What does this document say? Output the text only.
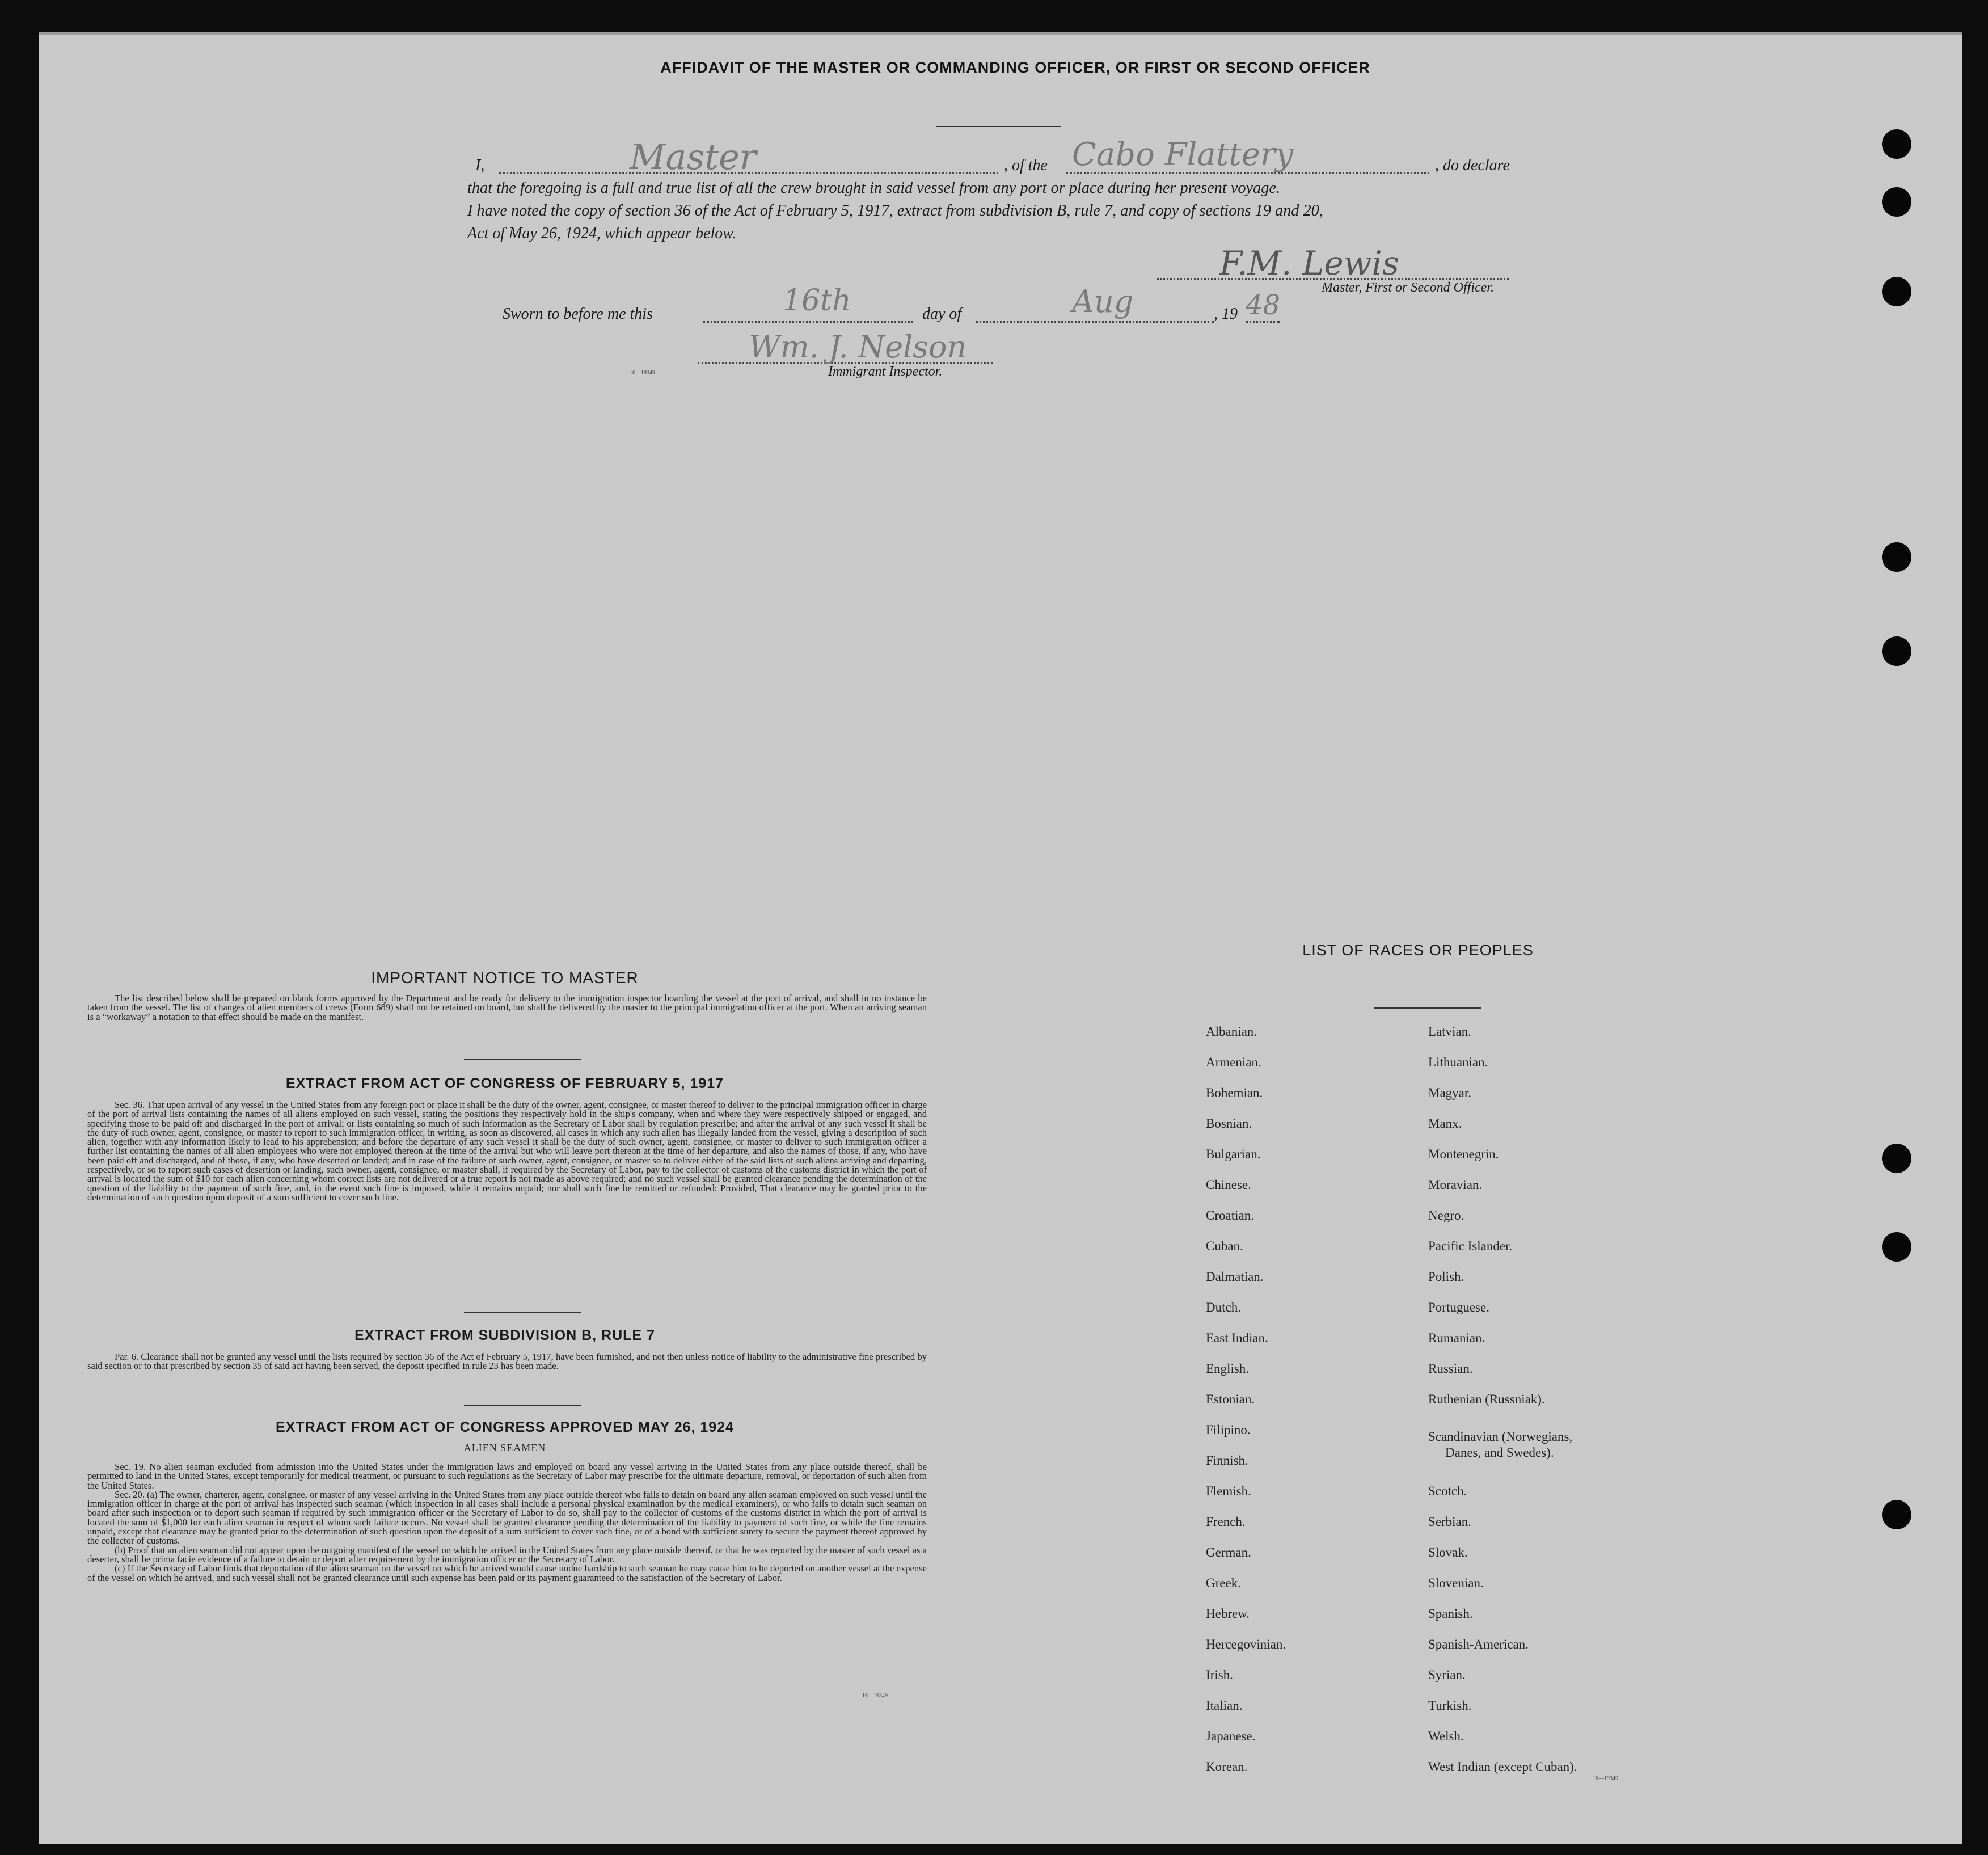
AFFIDAVIT OF THE MASTER OR COMMANDING OFFICER, OR FIRST OR SECOND OFFICER
I,	Master	, of the Cabo Flattery	, do declare
that the foregoing is a full and true list of all the crew brought in said vessel from any port or place during her present voyage.
I have noted the copy of section 36 of the Act of February 5, 1917, extract from subdivision B, rule 7, and copy of sections 19 and 20,
Act of May 26, 1924, which appear below.
F.M. Lewis
Master, First or Second Officer.
Sworn to before me this	16th	day of	Aug	, 19 48
Wm. J. Nelson
Immigrant Inspector.
16—19349
IMPORTANT NOTICE TO MASTER
The list described below shall be prepared on blank forms approved by the Department and be ready for delivery to the immigration inspector boarding the vessel at the port of arrival, and shall in no instance be taken from the vessel. The list of changes of alien members of crews (Form 689) shall not be retained on board, but shall be delivered by the master to the principal immigration officer at the port. When an arriving seaman is a “workaway” a notation to that effect should be made on the manifest.
EXTRACT FROM ACT OF CONGRESS OF FEBRUARY 5, 1917
Sec. 36. That upon arrival of any vessel in the United States from any foreign port or place it shall be the duty of the owner, agent, consignee, or master thereof to deliver to the principal immigration officer in charge of the port of arrival lists containing the names of all aliens employed on such vessel, stating the positions they respectively hold in the ship's company, when and where they were respectively shipped or engaged, and specifying those to be paid off and discharged in the port of arrival; or lists containing so much of such information as the Secretary of Labor shall by regulation prescribe; and after the arrival of any such vessel it shall be the duty of such owner, agent, consignee, or master to report to such immigration officer, in writing, as soon as discovered, all cases in which any such alien has illegally landed from the vessel, giving a description of such alien, together with any information likely to lead to his apprehension; and before the departure of any such vessel it shall be the duty of such owner, agent, consignee, or master to deliver to such immigration officer a further list containing the names of all alien employees who were not employed thereon at the time of the arrival but who will leave port thereon at the time of her departure, and also the names of those, if any, who have been paid off and discharged, and of those, if any, who have deserted or landed; and in case of the failure of such owner, agent, consignee, or master so to deliver either of the said lists of such aliens arriving and departing, respectively, or so to report such cases of desertion or landing, such owner, agent, consignee, or master shall, if required by the Secretary of Labor, pay to the collector of customs of the customs district in which the port of arrival is located the sum of $10 for each alien concerning whom correct lists are not delivered or a true report is not made as above required; and no such vessel shall be granted clearance pending the determination of the question of the liability to the payment of such fine, and, in the event such fine is imposed, while it remains unpaid; nor shall such fine be remitted or refunded: Provided, That clearance may be granted prior to the determination of such question upon deposit of a sum sufficient to cover such fine.
EXTRACT FROM SUBDIVISION B, RULE 7
Par. 6. Clearance shall not be granted any vessel until the lists required by section 36 of the Act of February 5, 1917, have been furnished, and not then unless notice of liability to the administrative fine prescribed by said section or to that prescribed by section 35 of said act having been served, the deposit specified in rule 23 has been made.
EXTRACT FROM ACT OF CONGRESS APPROVED MAY 26, 1924
ALIEN SEAMEN

Sec. 19. No alien seaman excluded from admission into the United States under the immigration laws and employed on board any vessel arriving in the United States from any place outside thereof, shall be permitted to land in the United States, except temporarily for medical treatment, or pursuant to such regulations as the Secretary of Labor may prescribe for the ultimate departure, removal, or deportation of such alien from the United States.

Sec. 20. (a) The owner, charterer, agent, consignee, or master of any vessel arriving in the United States from any place outside thereof who fails to detain on board any alien seaman employed on such vessel until the immigration officer in charge at the port of arrival has inspected such seaman (which inspection in all cases shall include a personal physical examination by the medical examiners), or who fails to detain such seaman on board after such inspection or to deport such seaman if required by such immigration officer or the Secretary of Labor to do so, shall pay to the collector of customs of the customs district in which the port of arrival is located the sum of $1,000 for each alien seaman in respect of whom such failure occurs. No vessel shall be granted clearance pending the determination of the liability to payment of such fine, or while the fine remains unpaid, except that clearance may be granted prior to the determination of such question upon the deposit of a sum sufficient to cover such fine, or of a bond with sufficient surety to secure the payment thereof approved by the collector of customs.

(b) Proof that an alien seaman did not appear upon the outgoing manifest of the vessel on which he arrived in the United States from any place outside thereof, or that he was reported by the master of such vessel as a deserter, shall be prima facie evidence of a failure to detain or deport after requirement by the immigration officer or the Secretary of Labor.

(c) If the Secretary of Labor finds that deportation of the alien seaman on the vessel on which he arrived would cause undue hardship to such seaman he may cause him to be deported on another vessel at the expense of the vessel on which he arrived, and such vessel shall not be granted clearance until such expense has been paid or its payment guaranteed to the satisfaction of the Secretary of Labor.

16—19349
LIST OF RACES OR PEOPLES
Albanian.
Armenian.
Bohemian.
Bosnian.
Bulgarian.
Chinese.
Croatian.
Cuban.
Dalmatian.
Dutch.
East Indian.
English.
Estonian.
Filipino.
Finnish.
Flemish.
French.
German.
Greek.
Hebrew.
Hercegovinian.
Irish.
Italian.
Japanese.
Korean.
Latvian.
Lithuanian.
Magyar.
Manx.
Montenegrin.
Moravian.
Negro.
Pacific Islander.
Polish.
Portuguese.
Rumanian.
Russian.
Ruthenian (Russniak).
Scandinavian (Norwegians,
Danes, and Swedes).
Scotch.
Serbian.
Slovak.
Slovenian.
Spanish.
Spanish-American.
Syrian.
Turkish.
Welsh.
West Indian (except Cuban).
16—19349
